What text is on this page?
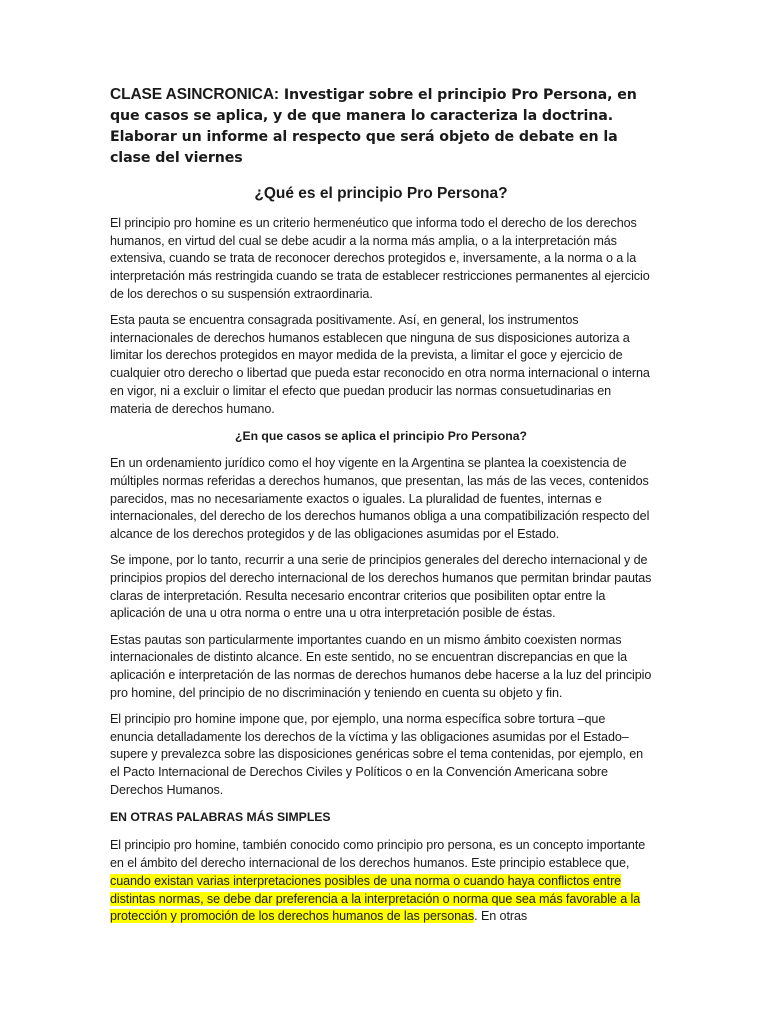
CLASE ASINCRONICA: Investigar sobre el principio Pro Persona, en que casos se aplica, y de que manera lo caracteriza la doctrina. Elaborar un informe al respecto que será objeto de debate en la clase del viernes

¿Qué es el principio Pro Persona?

El principio pro homine es un criterio hermenéutico que informa todo el derecho de los derechos humanos, en virtud del cual se debe acudir a la norma más amplia, o a la interpretación más extensiva, cuando se trata de reconocer derechos protegidos e, inversamente, a la norma o a la interpretación más restringida cuando se trata de establecer restricciones permanentes al ejercicio de los derechos o su suspensión extraordinaria.

Esta pauta se encuentra consagrada positivamente. Así, en general, los instrumentos internacionales de derechos humanos establecen que ninguna de sus disposiciones autoriza a limitar los derechos protegidos en mayor medida de la prevista, a limitar el goce y ejercicio de cualquier otro derecho o libertad que pueda estar reconocido en otra norma internacional o interna en vigor, ni a excluir o limitar el efecto que puedan producir las normas consuetudinarias en materia de derechos humano.

¿En que casos se aplica el principio Pro Persona?

En un ordenamiento jurídico como el hoy vigente en la Argentina se plantea la coexistencia de múltiples normas referidas a derechos humanos, que presentan, las más de las veces, contenidos parecidos, mas no necesariamente exactos o iguales. La pluralidad de fuentes, internas e internacionales, del derecho de los derechos humanos obliga a una compatibilización respecto del alcance de los derechos protegidos y de las obligaciones asumidas por el Estado.

Se impone, por lo tanto, recurrir a una serie de principios generales del derecho internacional y de principios propios del derecho internacional de los derechos humanos que permitan brindar pautas claras de interpretación. Resulta necesario encontrar criterios que posibiliten optar entre la aplicación de una u otra norma o entre una u otra interpretación posible de éstas.

Estas pautas son particularmente importantes cuando en un mismo ámbito coexisten normas internacionales de distinto alcance. En este sentido, no se encuentran discrepancias en que la aplicación e interpretación de las normas de derechos humanos debe hacerse a la luz del principio pro homine, del principio de no discriminación y teniendo en cuenta su objeto y fin.

El principio pro homine impone que, por ejemplo, una norma específica sobre tortura –que enuncia detalladamente los derechos de la víctima y las obligaciones asumidas por el Estado– supere y prevalezca sobre las disposiciones genéricas sobre el tema contenidas, por ejemplo, en el Pacto Internacional de Derechos Civiles y Políticos o en la Convención Americana sobre Derechos Humanos.

EN OTRAS PALABRAS MÁS SIMPLES

El principio pro homine, también conocido como principio pro persona, es un concepto importante en el ámbito del derecho internacional de los derechos humanos. Este principio establece que, cuando existan varias interpretaciones posibles de una norma o cuando haya conflictos entre distintas normas, se debe dar preferencia a la interpretación o norma que sea más favorable a la protección y promoción de los derechos humanos de las personas. En otras
